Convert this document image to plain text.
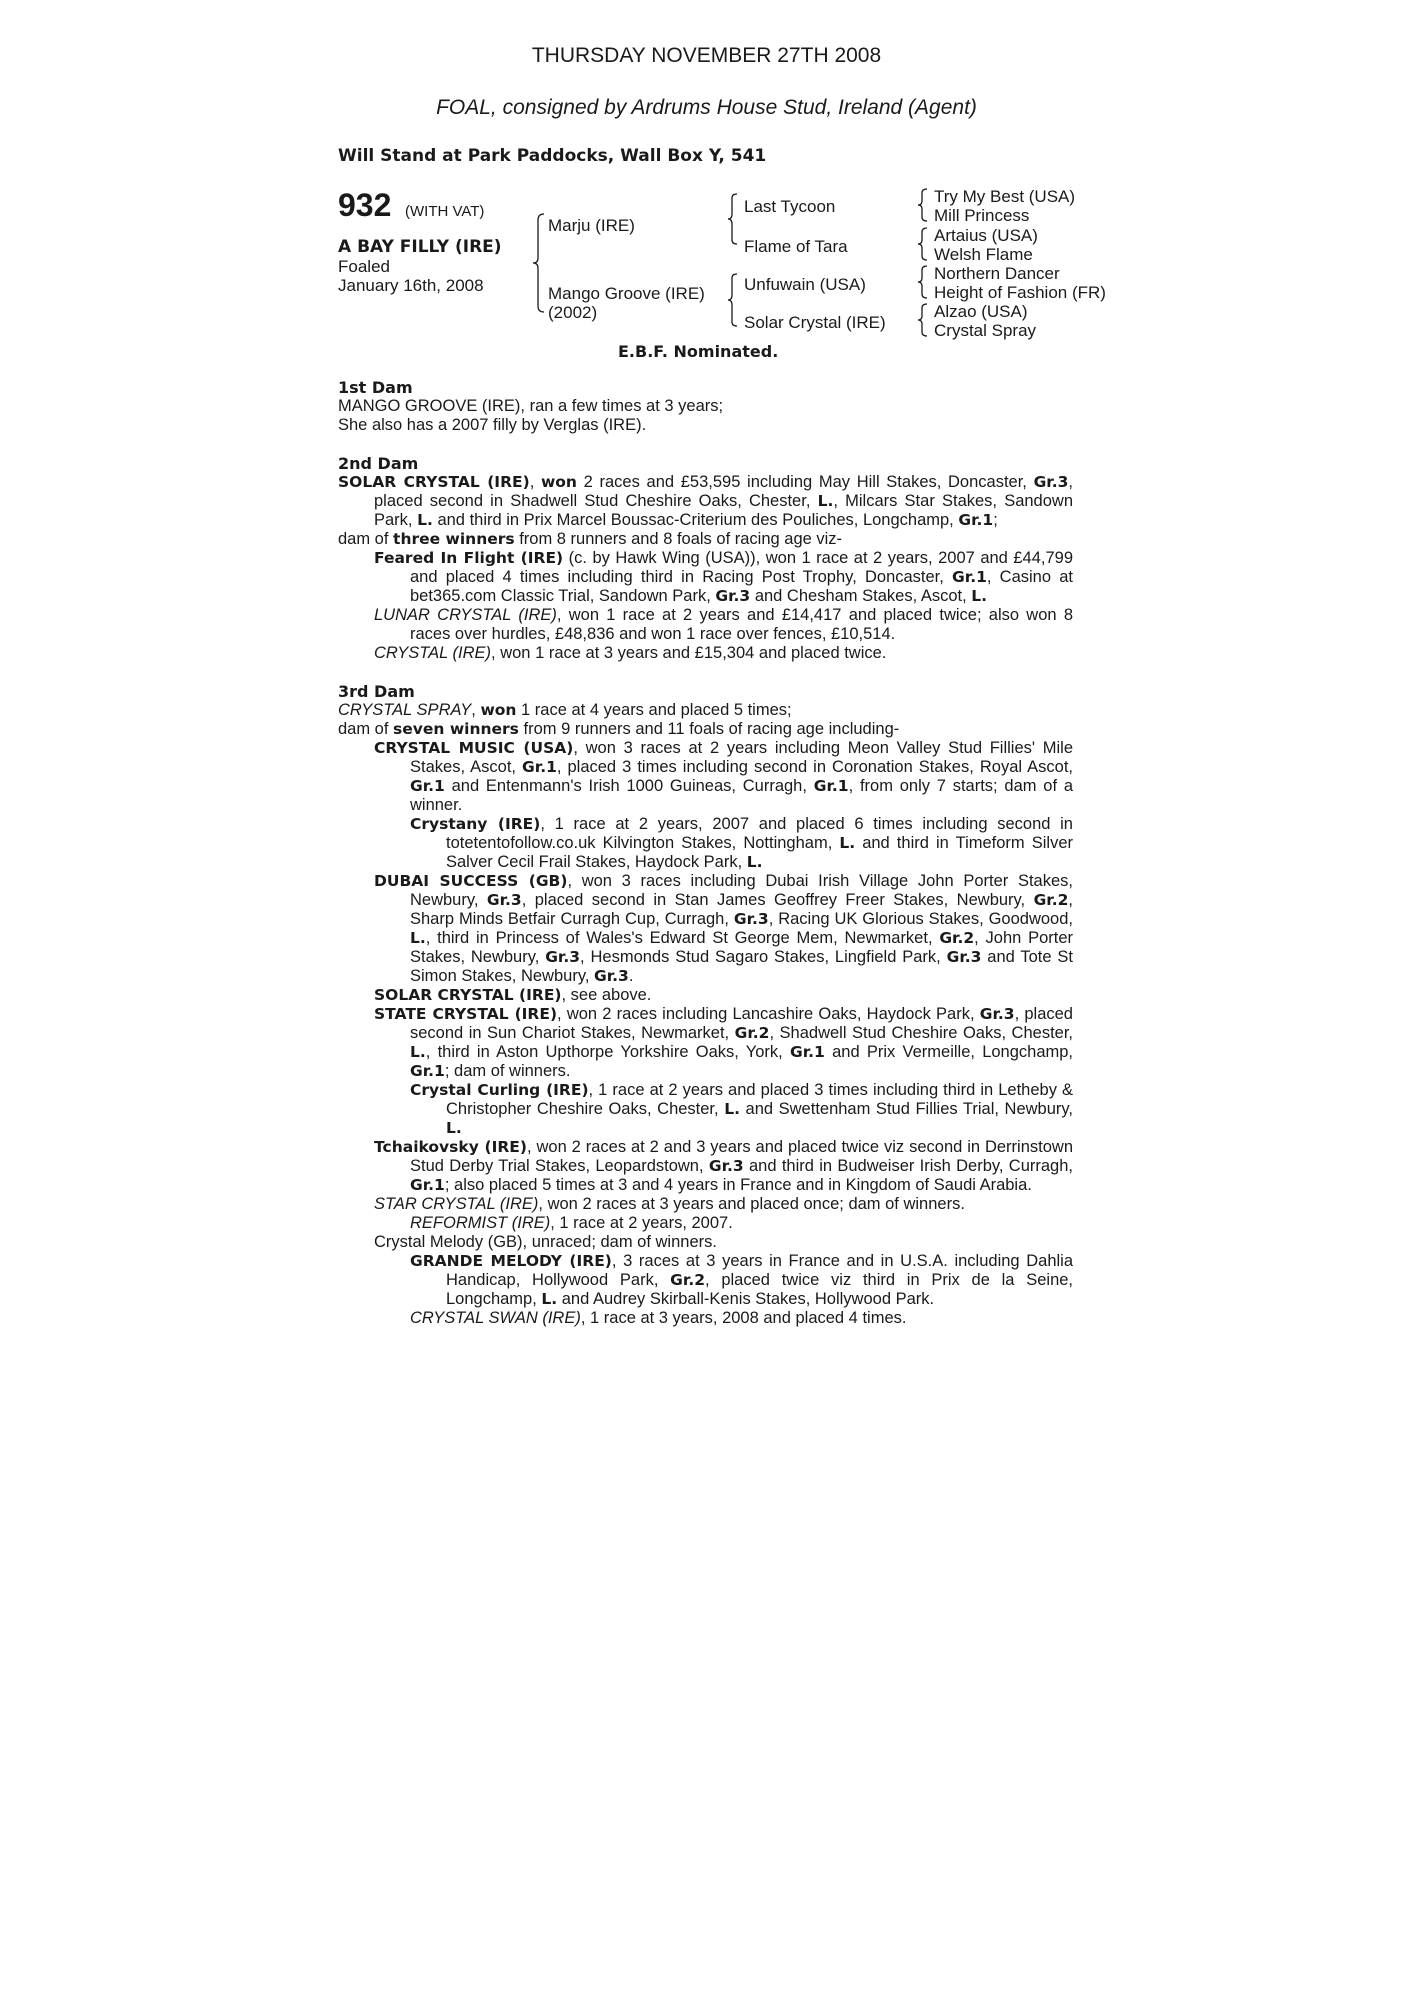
THURSDAY NOVEMBER 27TH 2008
FOAL, consigned by Ardrums House Stud, Ireland (Agent)
Will Stand at Park Paddocks, Wall Box Y, 541
932 (WITH VAT)
A BAY FILLY (IRE)
Foaled
January 16th, 2008
Marju (IRE)
Mango Groove (IRE)
(2002)
Last Tycoon
Flame of Tara
Unfuwain (USA)
Solar Crystal (IRE)
Try My Best (USA)
Mill Princess
Artaius (USA)
Welsh Flame
Northern Dancer
Height of Fashion (FR)
Alzao (USA)
Crystal Spray
E.B.F. Nominated.
1st Dam
MANGO GROOVE (IRE), ran a few times at 3 years;
She also has a 2007 filly by Verglas (IRE).
2nd Dam
SOLAR CRYSTAL (IRE), won 2 races and £53,595 including May Hill Stakes, Doncaster, Gr.3, placed second in Shadwell Stud Cheshire Oaks, Chester, L., Milcars Star Stakes, Sandown Park, L. and third in Prix Marcel Boussac-Criterium des Pouliches, Longchamp, Gr.1;
dam of three winners from 8 runners and 8 foals of racing age viz-
Feared In Flight (IRE) (c. by Hawk Wing (USA)), won 1 race at 2 years, 2007 and £44,799 and placed 4 times including third in Racing Post Trophy, Doncaster, Gr.1, Casino at bet365.com Classic Trial, Sandown Park, Gr.3 and Chesham Stakes, Ascot, L.
LUNAR CRYSTAL (IRE), won 1 race at 2 years and £14,417 and placed twice; also won 8 races over hurdles, £48,836 and won 1 race over fences, £10,514.
CRYSTAL (IRE), won 1 race at 3 years and £15,304 and placed twice.
3rd Dam
CRYSTAL SPRAY, won 1 race at 4 years and placed 5 times;
dam of seven winners from 9 runners and 11 foals of racing age including-
CRYSTAL MUSIC (USA), won 3 races at 2 years including Meon Valley Stud Fillies' Mile Stakes, Ascot, Gr.1, placed 3 times including second in Coronation Stakes, Royal Ascot, Gr.1 and Entenmann's Irish 1000 Guineas, Curragh, Gr.1, from only 7 starts; dam of a winner.
Crystany (IRE), 1 race at 2 years, 2007 and placed 6 times including second in totetentofollow.co.uk Kilvington Stakes, Nottingham, L. and third in Timeform Silver Salver Cecil Frail Stakes, Haydock Park, L.
DUBAI SUCCESS (GB), won 3 races including Dubai Irish Village John Porter Stakes, Newbury, Gr.3, placed second in Stan James Geoffrey Freer Stakes, Newbury, Gr.2, Sharp Minds Betfair Curragh Cup, Curragh, Gr.3, Racing UK Glorious Stakes, Goodwood, L., third in Princess of Wales's Edward St George Mem, Newmarket, Gr.2, John Porter Stakes, Newbury, Gr.3, Hesmonds Stud Sagaro Stakes, Lingfield Park, Gr.3 and Tote St Simon Stakes, Newbury, Gr.3.
SOLAR CRYSTAL (IRE), see above.
STATE CRYSTAL (IRE), won 2 races including Lancashire Oaks, Haydock Park, Gr.3, placed second in Sun Chariot Stakes, Newmarket, Gr.2, Shadwell Stud Cheshire Oaks, Chester, L., third in Aston Upthorpe Yorkshire Oaks, York, Gr.1 and Prix Vermeille, Longchamp, Gr.1; dam of winners.
Crystal Curling (IRE), 1 race at 2 years and placed 3 times including third in Letheby & Christopher Cheshire Oaks, Chester, L. and Swettenham Stud Fillies Trial, Newbury, L.
Tchaikovsky (IRE), won 2 races at 2 and 3 years and placed twice viz second in Derrinstown Stud Derby Trial Stakes, Leopardstown, Gr.3 and third in Budweiser Irish Derby, Curragh, Gr.1; also placed 5 times at 3 and 4 years in France and in Kingdom of Saudi Arabia.
STAR CRYSTAL (IRE), won 2 races at 3 years and placed once; dam of winners.
REFORMIST (IRE), 1 race at 2 years, 2007.
Crystal Melody (GB), unraced; dam of winners.
GRANDE MELODY (IRE), 3 races at 3 years in France and in U.S.A. including Dahlia Handicap, Hollywood Park, Gr.2, placed twice viz third in Prix de la Seine, Longchamp, L. and Audrey Skirball-Kenis Stakes, Hollywood Park.
CRYSTAL SWAN (IRE), 1 race at 3 years, 2008 and placed 4 times.
